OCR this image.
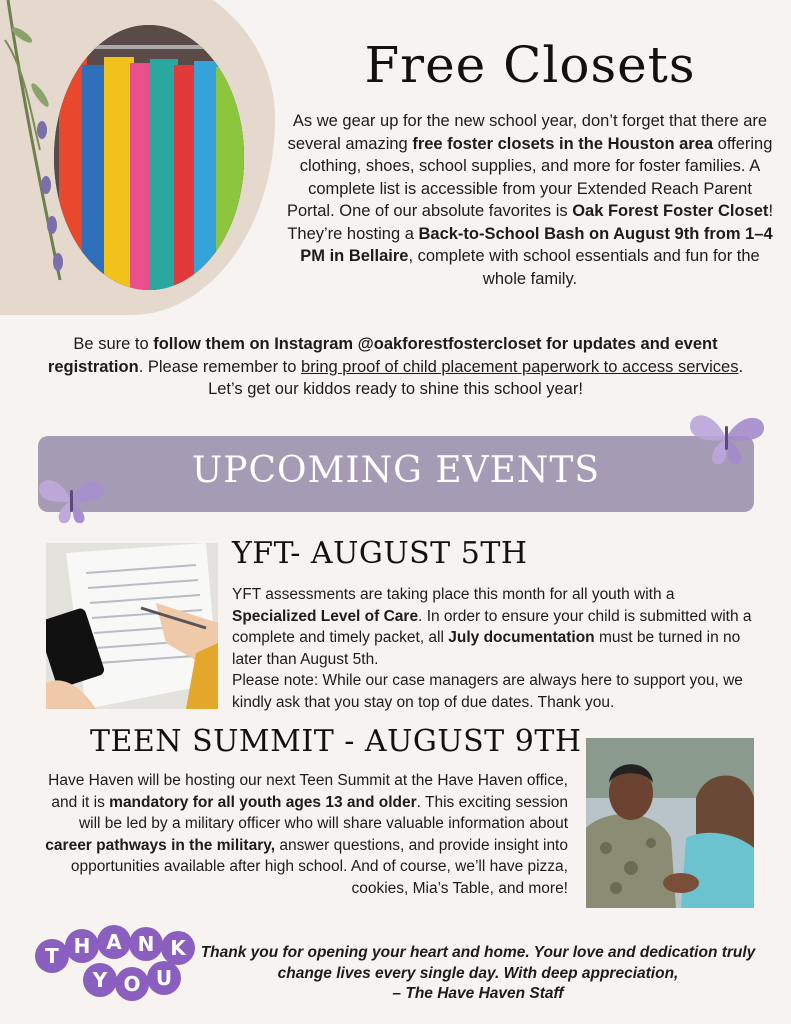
Free Closets
As we gear up for the new school year, don’t forget that there are several amazing free foster closets in the Houston area offering clothing, shoes, school supplies, and more for foster families. A complete list is accessible from your Extended Reach Parent Portal. One of our absolute favorites is Oak Forest Foster Closet!
They’re hosting a Back-to-School Bash on August 9th from 1–4 PM in Bellaire, complete with school essentials and fun for the whole family.
Be sure to follow them on Instagram @oakforestfostercloset for updates and event registration. Please remember to bring proof of child placement paperwork to access services. Let’s get our kiddos ready to shine this school year!
UPCOMING EVENTS
YFT- AUGUST 5TH
YFT assessments are taking place this month for all youth with a Specialized Level of Care. In order to ensure your child is submitted with a complete and timely packet, all July documentation must be turned in no later than August 5th.
Please note: While our case managers are always here to support you, we kindly ask that you stay on top of due dates. Thank you.
TEEN SUMMIT - AUGUST 9TH
Have Haven will be hosting our next Teen Summit at the Have Haven office, and it is mandatory for all youth ages 13 and older. This exciting session will be led by a military officer who will share valuable information about career pathways in the military, answer questions, and provide insight into opportunities available after high school. And of course, we’ll have pizza, cookies, Mia’s Table, and more!
T H A N K
Y O U
Thank you for opening your heart and home. Your love and dedication truly change lives every single day. With deep appreciation,
– The Have Haven Staff
